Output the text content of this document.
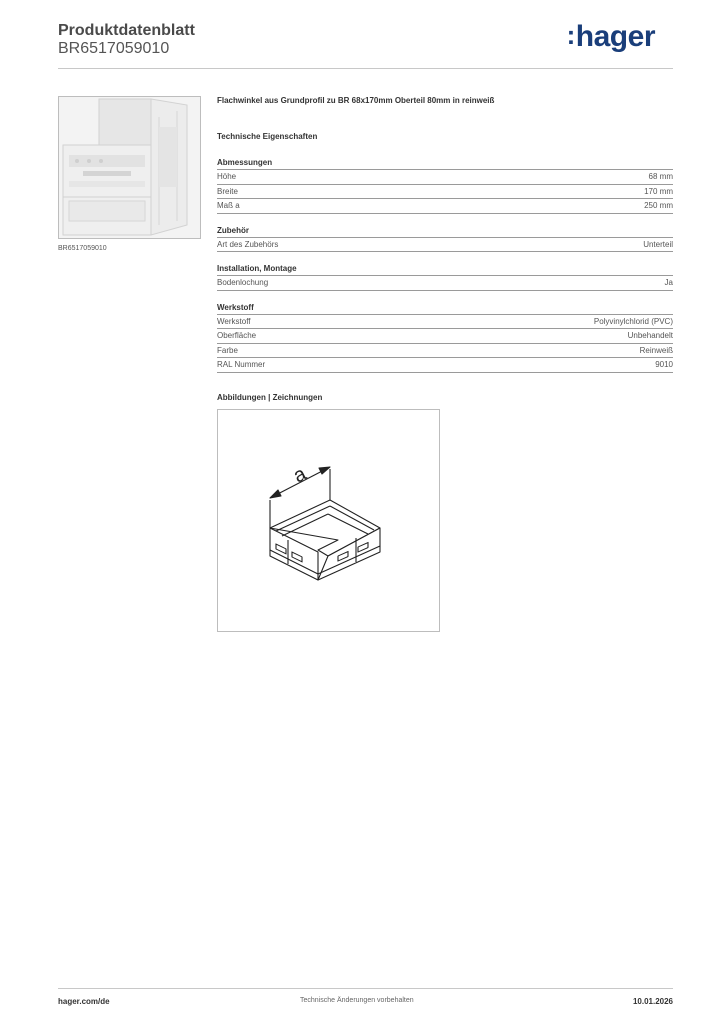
Produktdatenblatt
BR6517059010	:hager
BR6517059010
Flachwinkel aus Grundprofil zu BR 68x170mm Oberteil 80mm in reinweiß
Technische Eigenschaften
Abmessungen
Höhe	68 mm
Breite	170 mm
Maß a	250 mm
Zubehör
Art des Zubehörs	Unterteil
Installation, Montage
Bodenlochung	Ja
Werkstoff
Werkstoff	Polyvinylchlorid (PVC)
Oberfläche	Unbehandelt
Farbe	Reinweiß
RAL Nummer	9010
Abbildungen | Zeichnungen
a
hager.com/de	Technische Änderungen vorbehalten	10.01.2026
